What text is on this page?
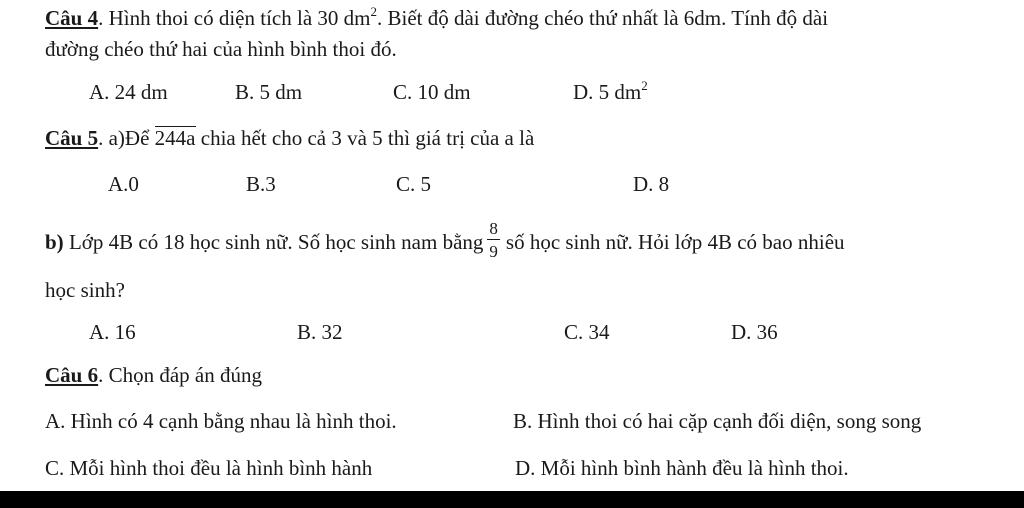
Câu 4. Hình thoi có diện tích là 30 $dm^2$. Biết độ dài đường chéo thứ nhất là 6dm. Tính độ dài
đường chéo thứ hai của hình bình thoi đó.
A. 24 dm	B. 5 dm	C. 10 dm	D. 5 $dm^2$
Câu 5. a)Để 244a chia hết cho cả 3 và 5 thì giá trị của a là
A.0	B.3	C. 5	D. 8
b) Lớp 4B có 18 học sinh nữ. Số học sinh nam bằng $\frac{8}{9}$ số học sinh nữ. Hỏi lớp 4B có bao nhiêu
học sinh?
A. 16	B. 32	C. 34	D. 36
Câu 6. Chọn đáp án đúng
A. Hình có 4 cạnh bằng nhau là hình thoi.	B. Hình thoi có hai cặp cạnh đối diện, song song
C. Mỗi hình thoi đều là hình bình hành	D. Mỗi hình bình hành đều là hình thoi.
